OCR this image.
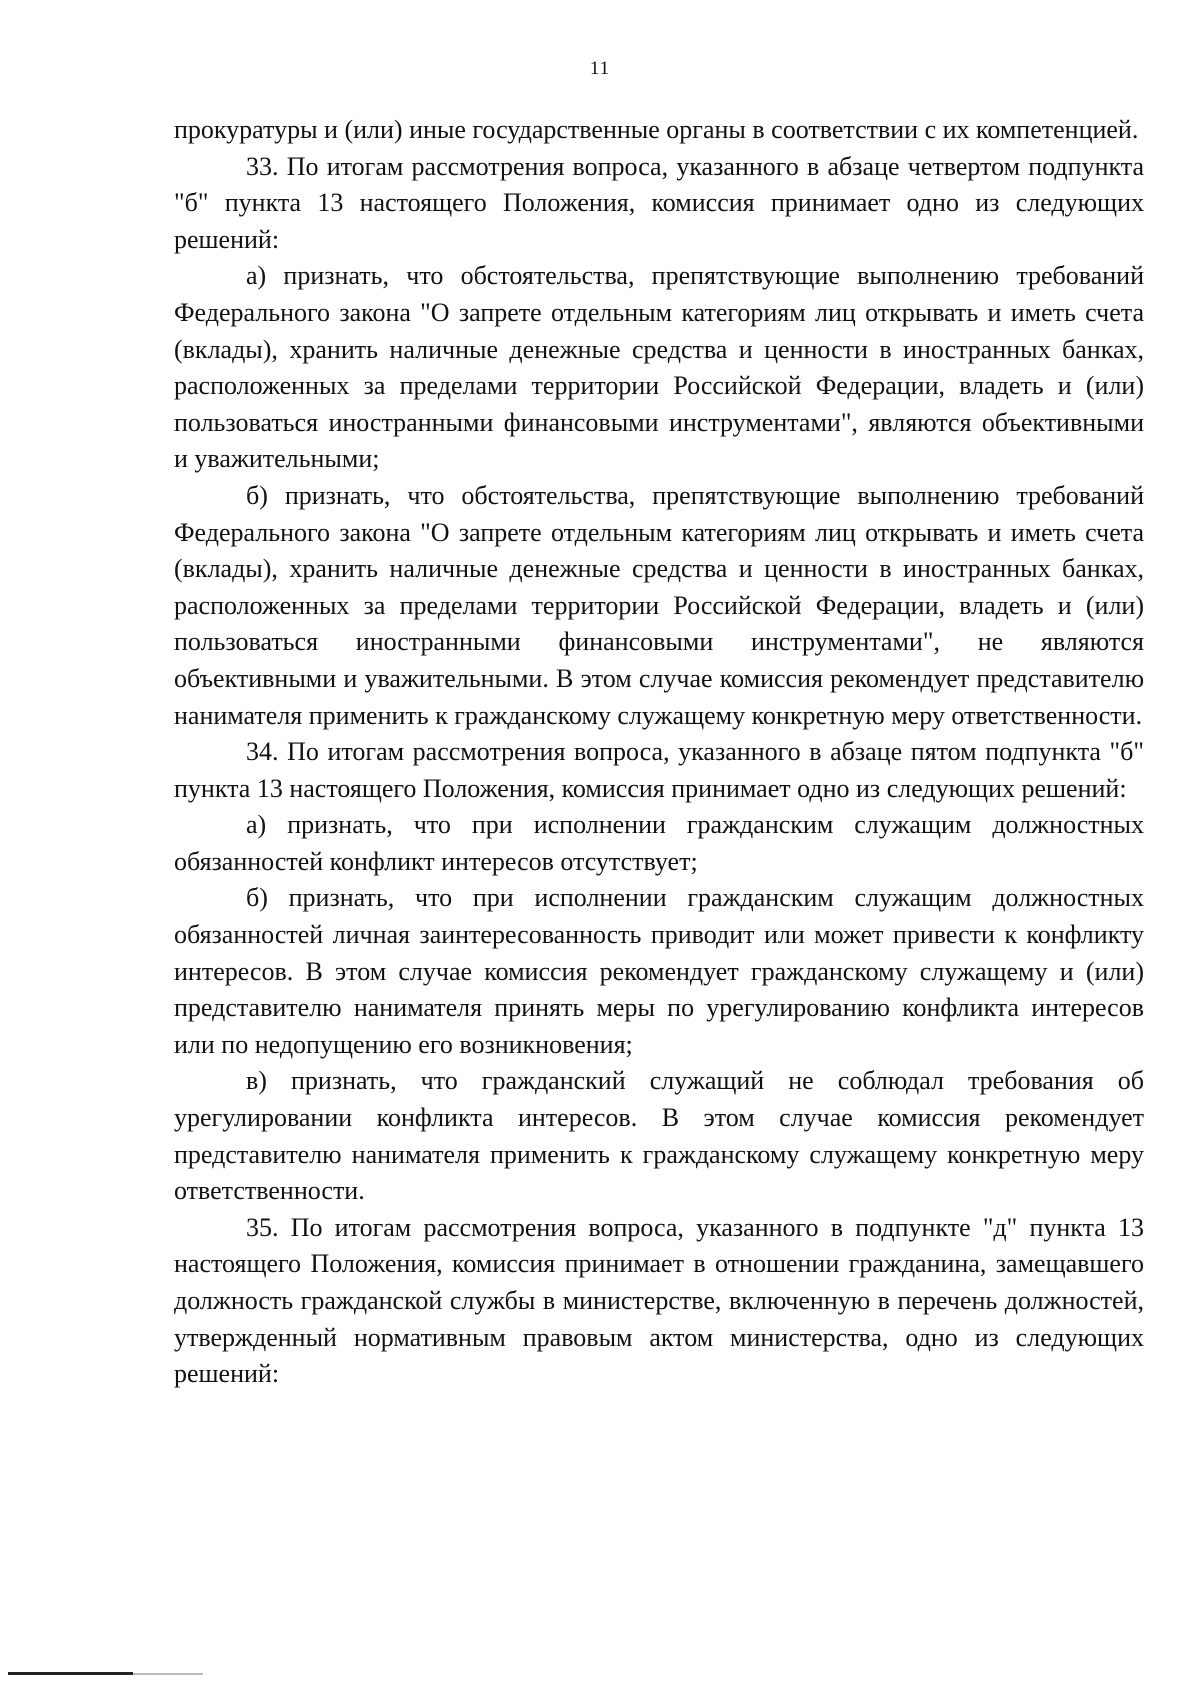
11

прокуратуры и (или) иные государственные органы в соответствии с их компетенцией.

33. По итогам рассмотрения вопроса, указанного в абзаце четвертом подпункта "б" пункта 13 настоящего Положения, комиссия принимает одно из следующих решений:

а) признать, что обстоятельства, препятствующие выполнению требований Федерального закона "О запрете отдельным категориям лиц открывать и иметь счета (вклады), хранить наличные денежные средства и ценности в иностранных банках, расположенных за пределами территории Российской Федерации, владеть и (или) пользоваться иностранными финансовыми инструментами", являются объективными и уважительными;

б) признать, что обстоятельства, препятствующие выполнению требований Федерального закона "О запрете отдельным категориям лиц открывать и иметь счета (вклады), хранить наличные денежные средства и ценности в иностранных банках, расположенных за пределами территории Российской Федерации, владеть и (или) пользоваться иностранными финансовыми инструментами", не являются объективными и уважительными. В этом случае комиссия рекомендует представителю нанимателя применить к гражданскому служащему конкретную меру ответственности.

34. По итогам рассмотрения вопроса, указанного в абзаце пятом подпункта "б" пункта 13 настоящего Положения, комиссия принимает одно из следующих решений:

а) признать, что при исполнении гражданским служащим должностных обязанностей конфликт интересов отсутствует;

б) признать, что при исполнении гражданским служащим должностных обязанностей личная заинтересованность приводит или может привести к конфликту интересов. В этом случае комиссия рекомендует гражданскому служащему и (или) представителю нанимателя принять меры по урегулированию конфликта интересов или по недопущению его возникновения;

в) признать, что гражданский служащий не соблюдал требования об урегулировании конфликта интересов. В этом случае комиссия рекомендует представителю нанимателя применить к гражданскому служащему конкретную меру ответственности.

35. По итогам рассмотрения вопроса, указанного в подпункте "д" пункта 13 настоящего Положения, комиссия принимает в отношении гражданина, замещавшего должность гражданской службы в министерстве, включенную в перечень должностей, утвержденный нормативным правовым актом министерства, одно из следующих решений:
